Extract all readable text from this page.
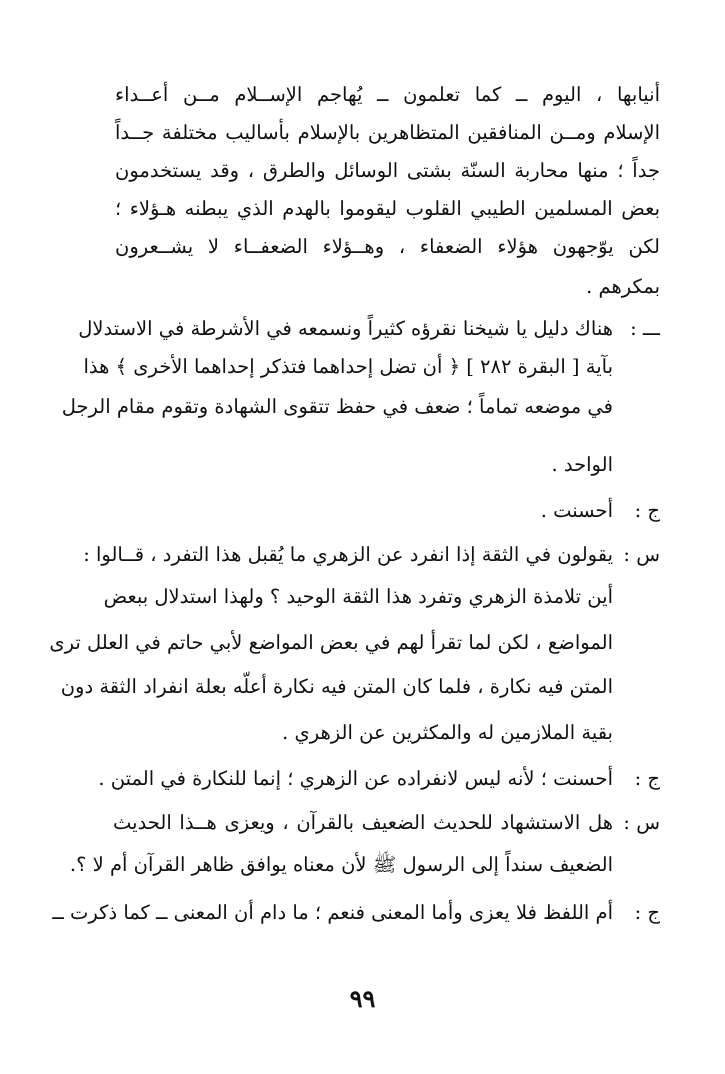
أنيابها ، اليوم ــ كما تعلمون ــ يُهاجم الإســلام مــن أعــداء
الإسلام ومــن المنافقين المتظاهرين بالإسلام بأساليب مختلفة جــداً
جداً ؛ منها محاربة السنّة بشتى الوسائل والطرق ، وقد يستخدمون
بعض المسلمين الطيبي القلوب ليقوموا بالهدم الذي يبطنه هـؤلاء ؛
لكن يوّجهون هؤلاء الضعفاء ، وهــؤلاء الضعفــاء لا يشــعرون
بمكرهم .
ـــ :
هناك دليل يا شيخنا نقرؤه كثيراً ونسمعه في الأشرطة في الاستدلال
بآية [ البقرة ٢٨٢ ] ﴿ أن تضل إحداهما فتذكر إحداهما الأخرى ﴾ هذا
في موضعه تماماً ؛ ضعف في حفظ تتقوى الشهادة وتقوم مقام الرجل
الواحد .
ج :
أحسنت .
س :
يقولون في الثقة إذا انفرد عن الزهري ما يُقبل هذا التفرد ، قــالوا :
أين تلامذة الزهري وتفرد هذا الثقة الوحيد ؟ ولهذا استدلال ببعض
المواضع ، لكن لما تقرأ لهم في بعض المواضع لأبي حاتم في العلل ترى
المتن فيه نكارة ، فلما كان المتن فيه نكارة أعلّه بعلة انفراد الثقة دون
بقية الملازمين له والمكثرين عن الزهري .
ج :
أحسنت ؛ لأنه ليس لانفراده عن الزهري ؛ إنما للنكارة في المتن .
س :
هل الاستشهاد للحديث الضعيف بالقرآن ، ويعزى هــذا الحديث
الضعيف سنداً إلى الرسول ﷺ لأن معناه يوافق ظاهر القرآن أم لا ؟.
ج :
أم اللفظ فلا يعزى وأما المعنى فنعم ؛ ما دام أن المعنى ــ كما ذكرت ــ
٩٩
